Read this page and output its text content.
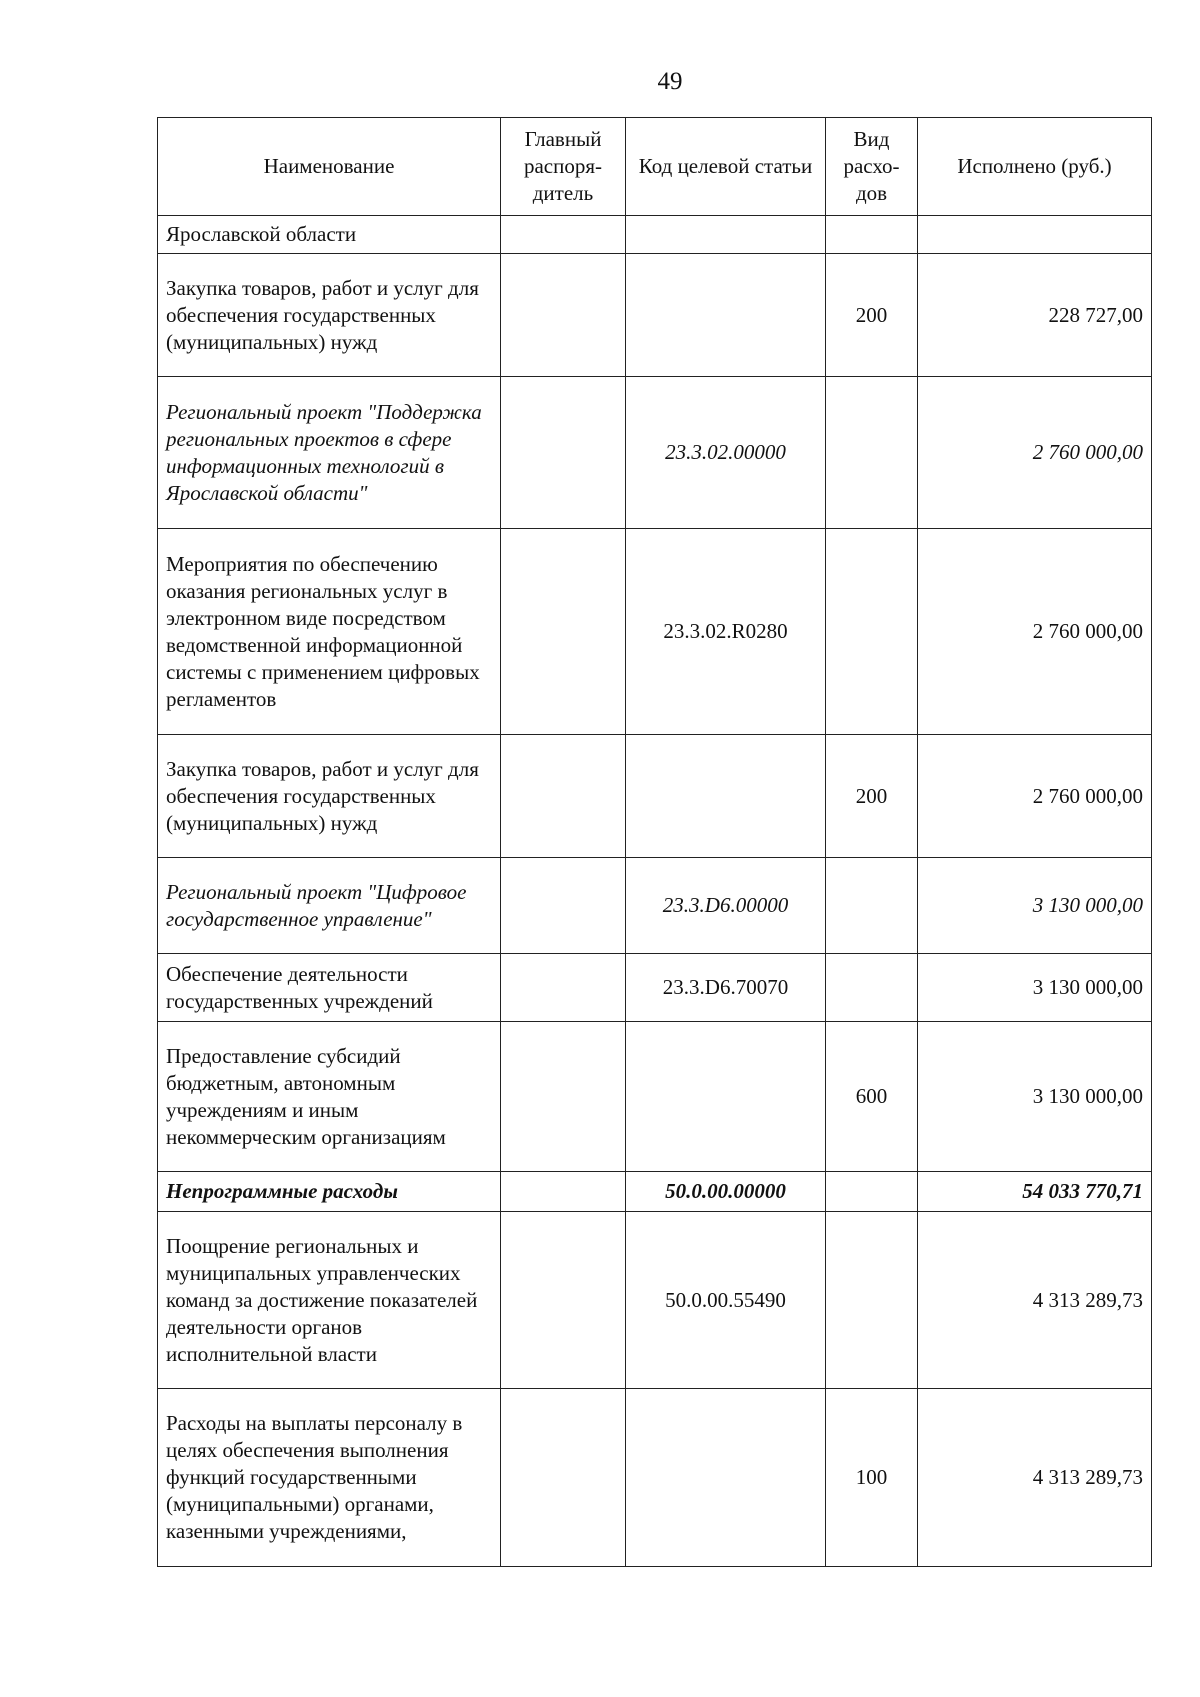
49
Наименование	Главный распоря-дитель	Код целевой статьи	Вид расхо-дов	Исполнено (руб.)
Ярославской области				
Закупка товаров, работ и услуг для обеспечения государственных (муниципальных) нужд			200	228 727,00
Региональный проект "Поддержка региональных проектов в сфере информационных технологий в Ярославской области"		23.3.02.00000		2 760 000,00
Мероприятия по обеспечению оказания региональных услуг в электронном виде посредством ведомственной информационной системы с применением цифровых регламентов		23.3.02.R0280		2 760 000,00
Закупка товаров, работ и услуг для обеспечения государственных (муниципальных) нужд			200	2 760 000,00
Региональный проект "Цифровое государственное управление"		23.3.D6.00000		3 130 000,00
Обеспечение деятельности государственных учреждений		23.3.D6.70070		3 130 000,00
Предоставление субсидий бюджетным, автономным учреждениям и иным некоммерческим организациям			600	3 130 000,00
Непрограммные расходы		50.0.00.00000		54 033 770,71
Поощрение региональных и муниципальных управленческих команд за достижение показателей деятельности органов исполнительной власти		50.0.00.55490		4 313 289,73
Расходы на выплаты персоналу в целях обеспечения выполнения функций государственными (муниципальными) органами, казенными учреждениями,			100	4 313 289,73
